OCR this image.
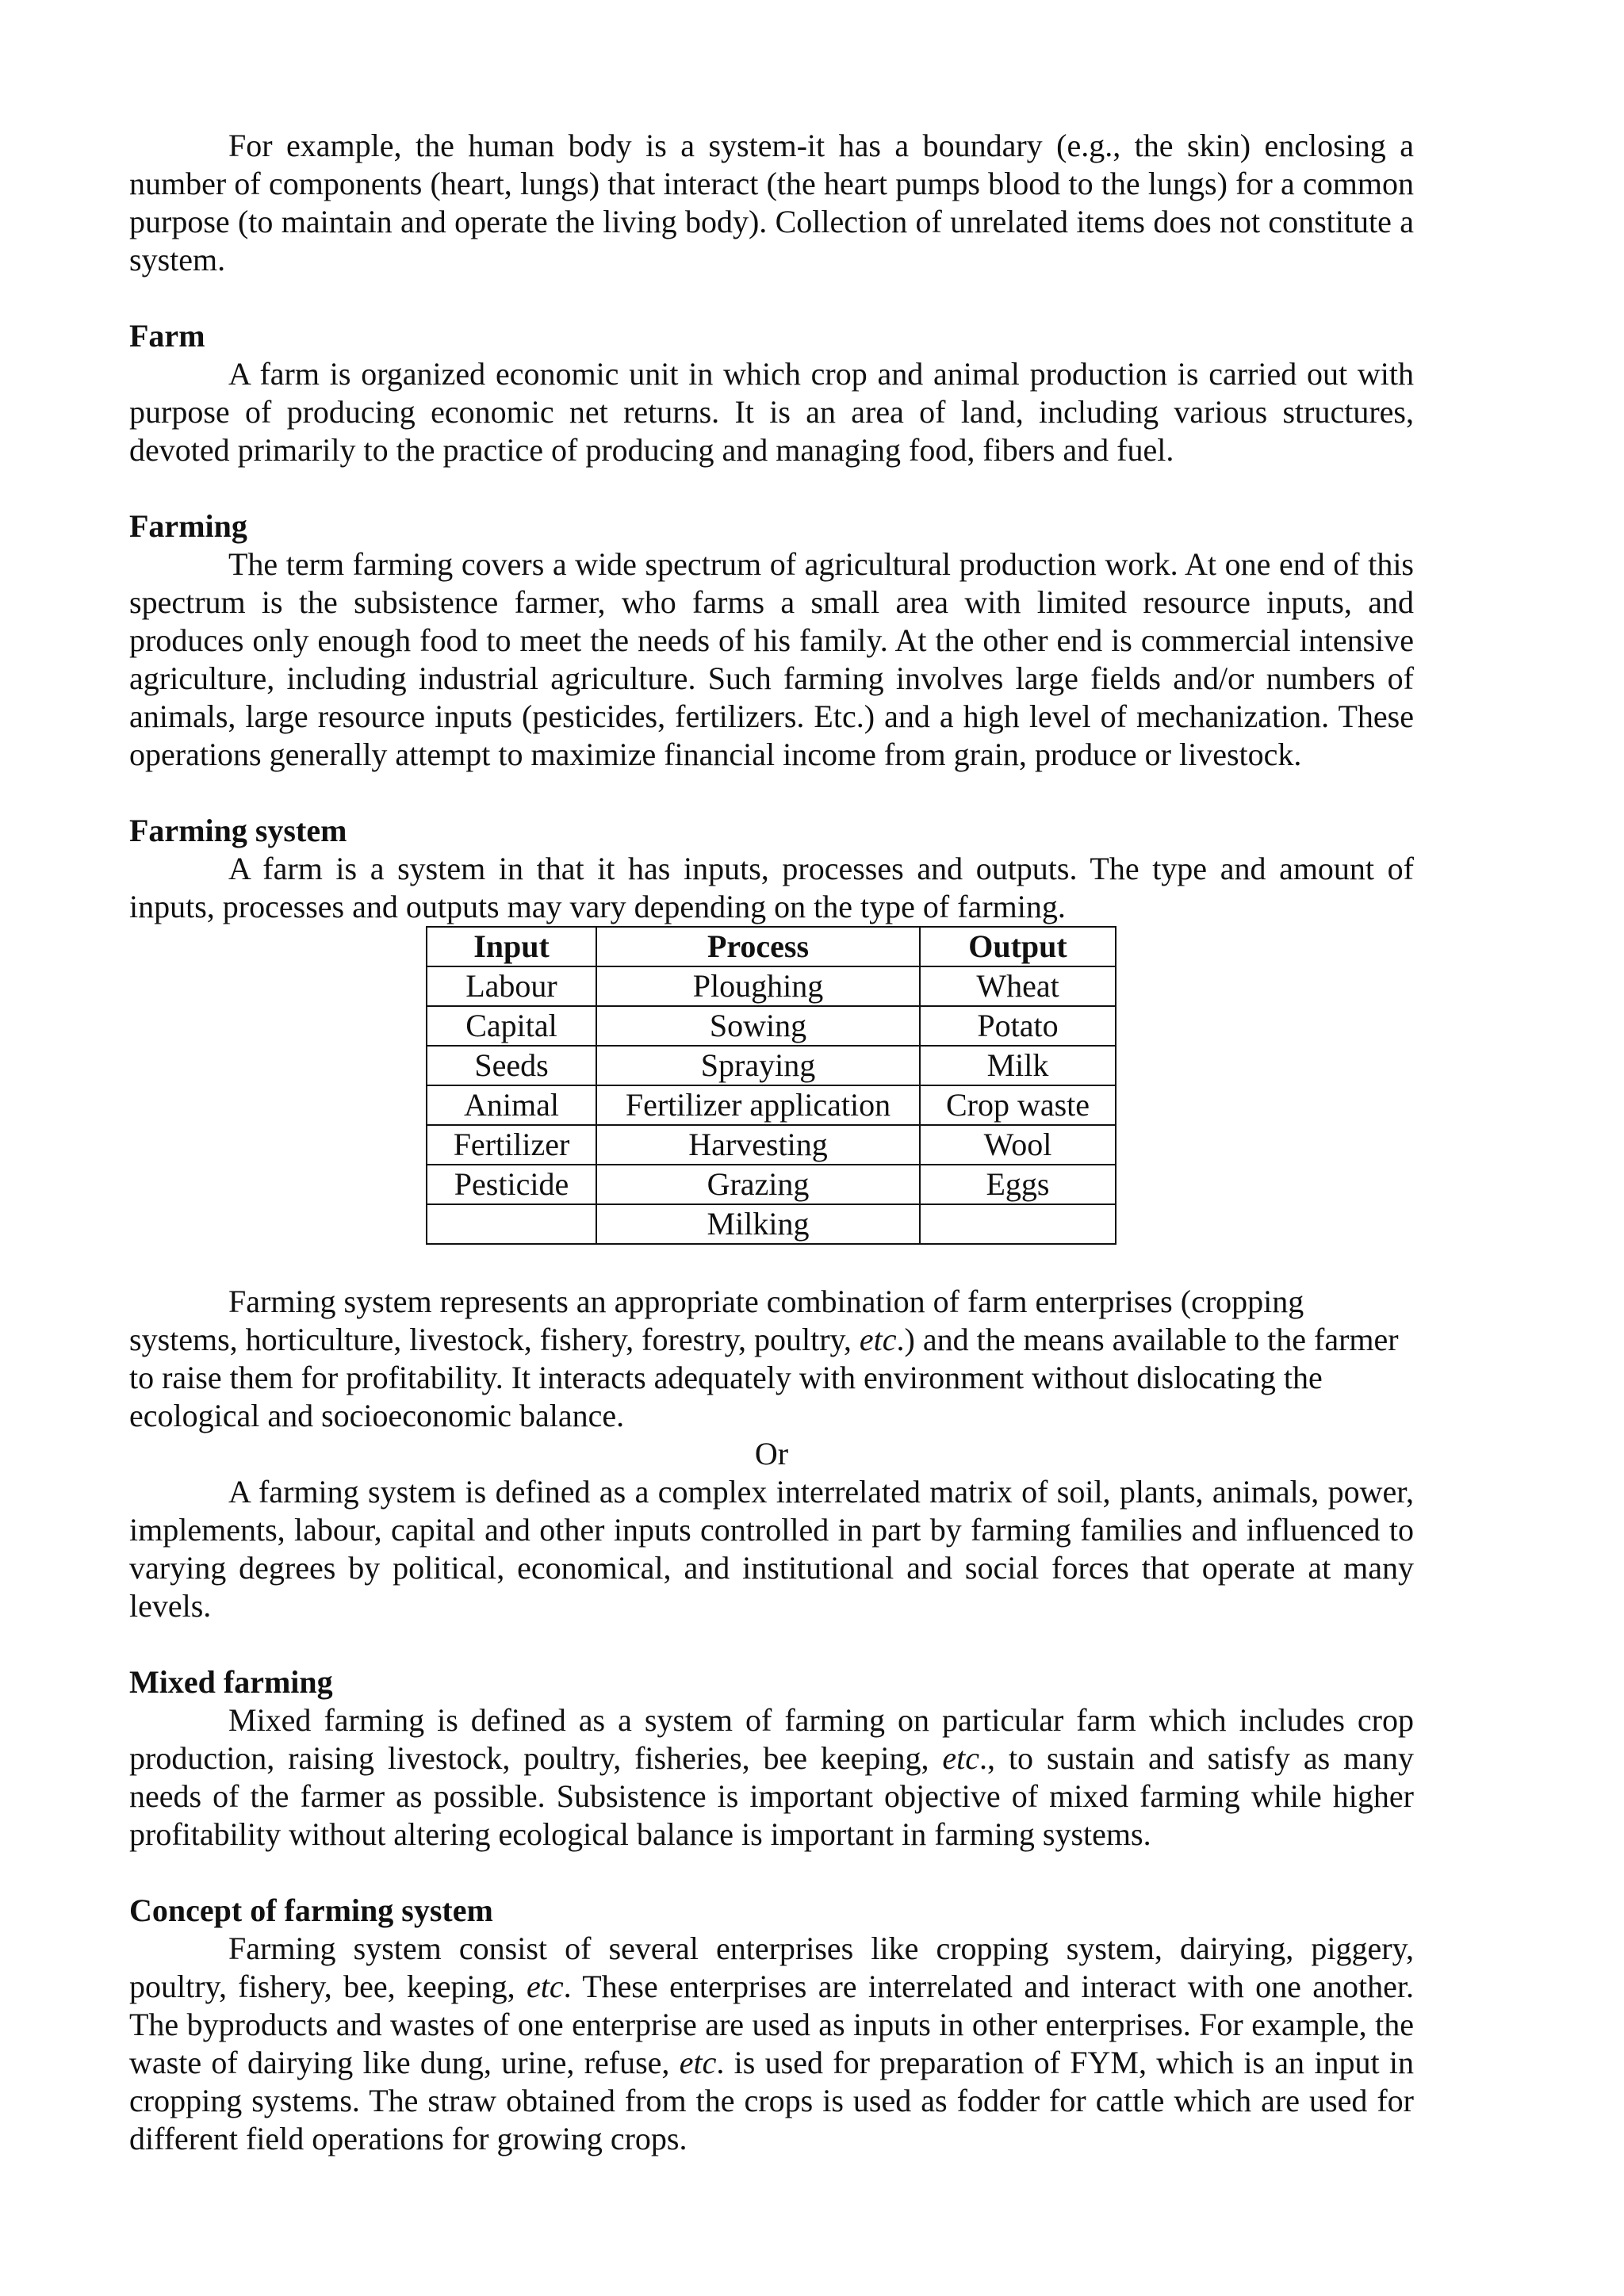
For example, the human body is a system-it has a boundary (e.g., the skin) enclosing a number of components (heart, lungs) that interact (the heart pumps blood to the lungs) for a common purpose (to maintain and operate the living body). Collection of unrelated items does not constitute a system.

Farm

A farm is organized economic unit in which crop and animal production is carried out with purpose of producing economic net returns. It is an area of land, including various structures, devoted primarily to the practice of producing and managing food, fibers and fuel.

Farming

The term farming covers a wide spectrum of agricultural production work. At one end of this spectrum is the subsistence farmer, who farms a small area with limited resource inputs, and produces only enough food to meet the needs of his family. At the other end is commercial intensive agriculture, including industrial agriculture. Such farming involves large fields and/or numbers of animals, large resource inputs (pesticides, fertilizers. Etc.) and a high level of mechanization. These operations generally attempt to maximize financial income from grain, produce or livestock.

Farming system

A farm is a system in that it has inputs, processes and outputs. The type and amount of inputs, processes and outputs may vary depending on the type of farming.

Input	Process	Output
Labour	Ploughing	Wheat
Capital	Sowing	Potato
Seeds	Spraying	Milk
Animal	Fertilizer application	Crop waste
Fertilizer	Harvesting	Wool
Pesticide	Grazing	Eggs
	Milking	

Farming system represents an appropriate combination of farm enterprises (cropping systems, horticulture, livestock, fishery, forestry, poultry, etc.) and the means available to the farmer to raise them for profitability. It interacts adequately with environment without dislocating the ecological and socioeconomic balance.

Or

A farming system is defined as a complex interrelated matrix of soil, plants, animals, power, implements, labour, capital and other inputs controlled in part by farming families and influenced to varying degrees by political, economical, and institutional and social forces that operate at many levels.

Mixed farming

Mixed farming is defined as a system of farming on particular farm which includes crop production, raising livestock, poultry, fisheries, bee keeping, etc., to sustain and satisfy as many needs of the farmer as possible. Subsistence is important objective of mixed farming while higher profitability without altering ecological balance is important in farming systems.

Concept of farming system

Farming system consist of several enterprises like cropping system, dairying, piggery, poultry, fishery, bee, keeping, etc. These enterprises are interrelated and interact with one another. The byproducts and wastes of one enterprise are used as inputs in other enterprises. For example, the waste of dairying like dung, urine, refuse, etc. is used for preparation of FYM, which is an input in cropping systems. The straw obtained from the crops is used as fodder for cattle which are used for different field operations for growing crops.
